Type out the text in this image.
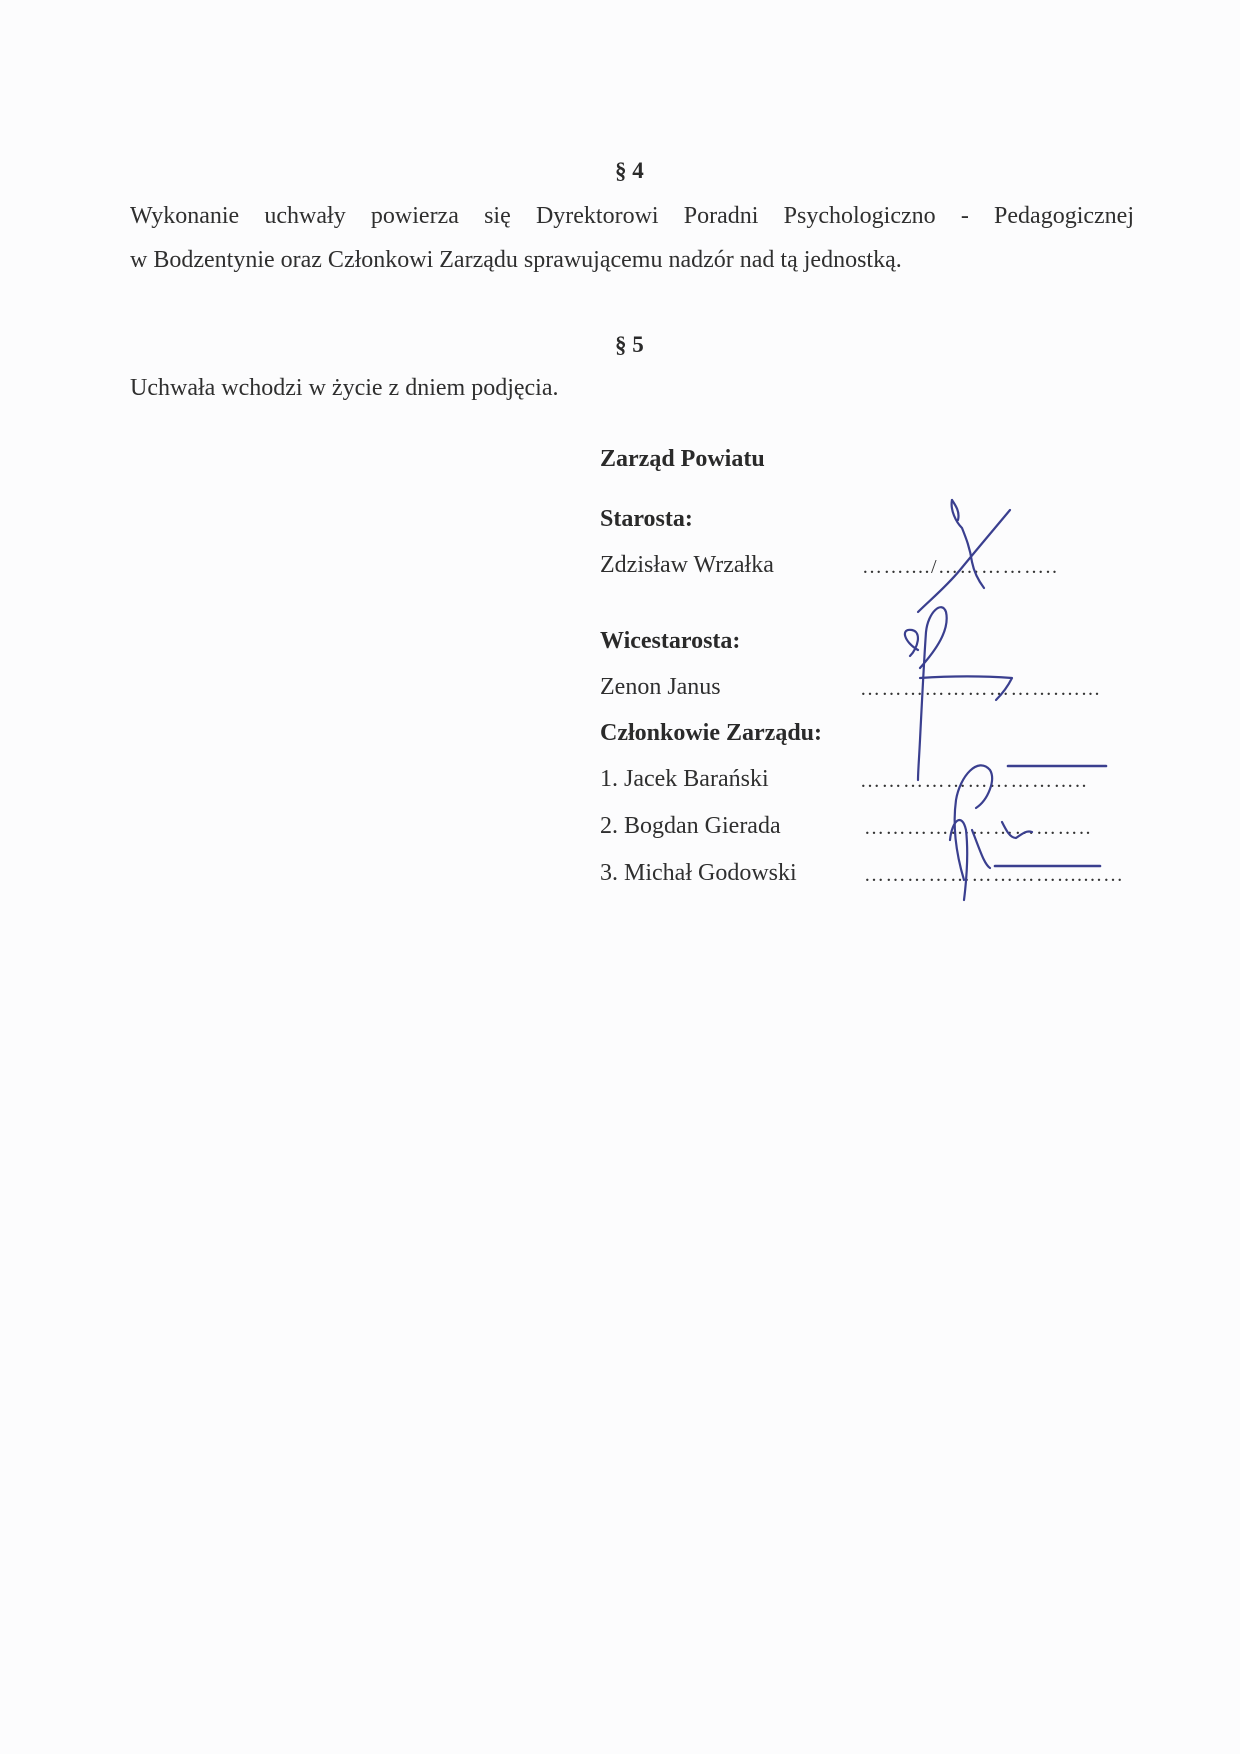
§ 4
Wykonanie uchwały powierza się Dyrektorowi Poradni Psychologiczno - Pedagogicznej
w Bodzentynie oraz Członkowi Zarządu sprawującemu nadzór nad tą jednostką.
§ 5
Uchwała wchodzi w życie z dniem podjęcia.
Zarząd Powiatu
Starosta:
Zdzisław Wrzałka	……..../……………..
Wicestarosta:
Zenon Janus	……………………….…...
Członkowie Zarządu:
1. Jacek Barański	…………………………..
2. Bogdan Gierada	…………………………..
3. Michał Godowski	……………………….......…
